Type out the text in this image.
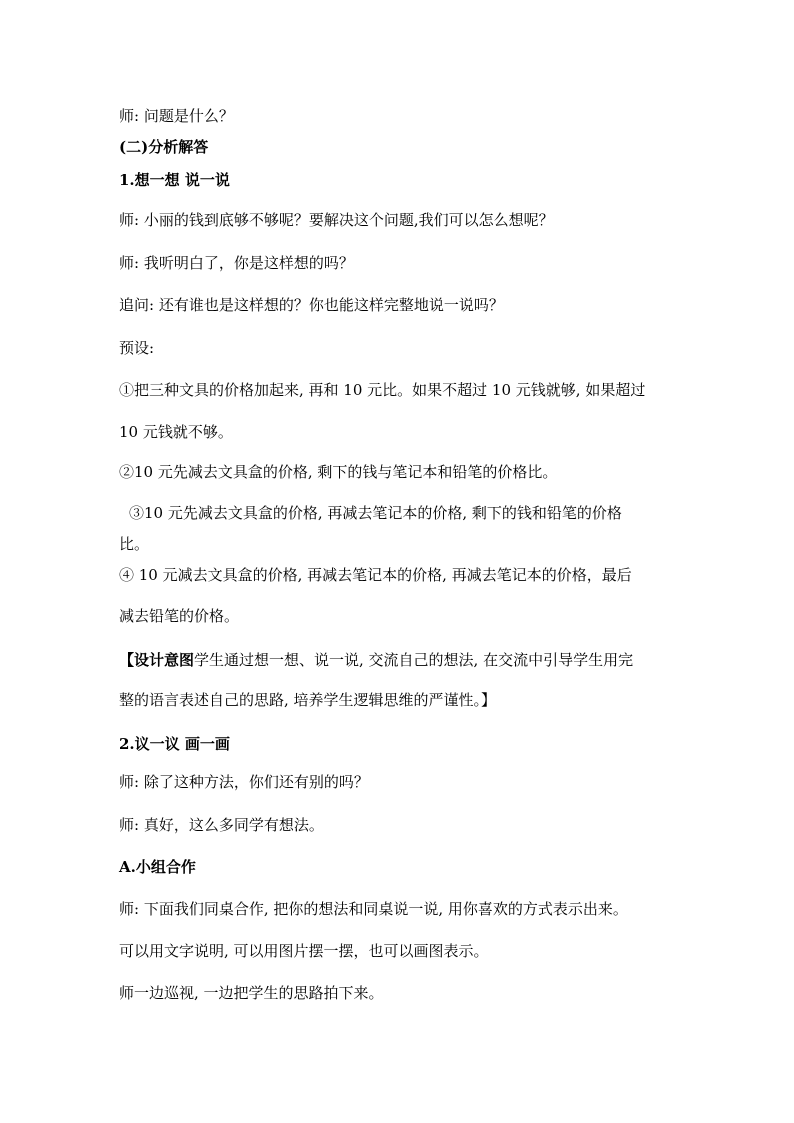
师: 问题是什么？
(二)分析解答
1.想一想 说一说
师: 小丽的钱到底够不够呢？要解决这个问题,我们可以怎么想呢？
师: 我听明白了，你是这样想的吗？
追问: 还有谁也是这样想的？你也能这样完整地说一说吗？
预设:
①把三种文具的价格加起来, 再和 10 元比。如果不超过 10 元钱就够, 如果超过
10 元钱就不够。
②10 元先减去文具盒的价格, 剩下的钱与笔记本和铅笔的价格比。
③10 元先减去文具盒的价格, 再减去笔记本的价格, 剩下的钱和铅笔的价格
比。
④ 10 元减去文具盒的价格, 再减去笔记本的价格, 再减去笔记本的价格，最后
减去铅笔的价格。
【设计意图学生通过想一想、说一说, 交流自己的想法, 在交流中引导学生用完
整的语言表述自己的思路, 培养学生逻辑思维的严谨性。】
2.议一议 画一画
师: 除了这种方法，你们还有别的吗？
师: 真好，这么多同学有想法。
A.小组合作
师: 下面我们同桌合作, 把你的想法和同桌说一说, 用你喜欢的方式表示出来。
可以用文字说明, 可以用图片摆一摆，也可以画图表示。
师一边巡视, 一边把学生的思路拍下来。
